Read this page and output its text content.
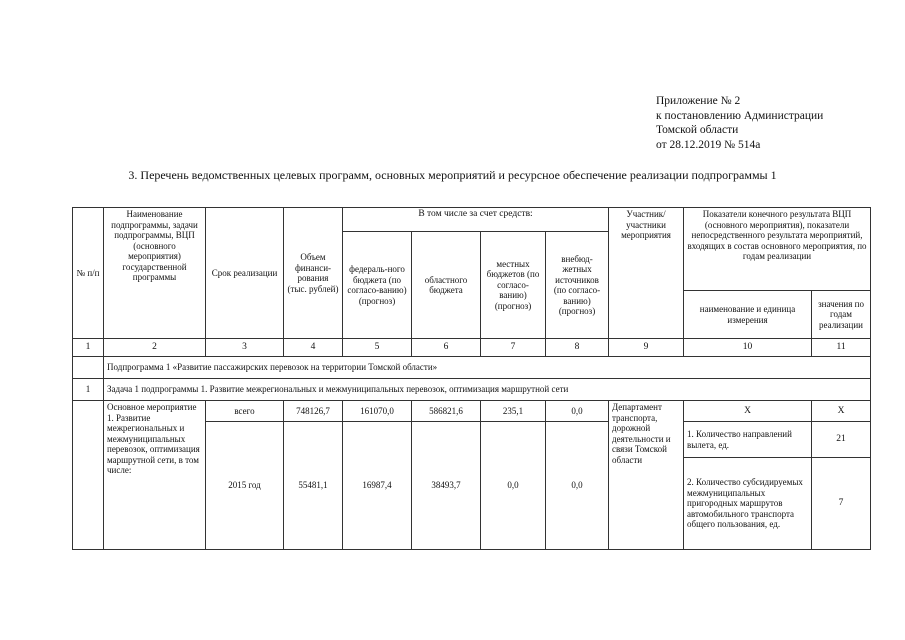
Приложение № 2
к постановлению Администрации
Томской области
от 28.12.2019 № 514а
3. Перечень ведомственных целевых программ, основных мероприятий и ресурсное обеспечение реализации подпрограммы 1
№ п/п	Наименование подпрограммы, задачи подпрограммы, ВЦП (основного мероприятия) государственной программы	Срок реализации	Объем финанси-рования (тыс. рублей)	В том числе за счет средств:				Участник/ участники мероприятия	Показатели конечного результата ВЦП (основного мероприятия), показатели непосредственного результата мероприятий, входящих в состав основного мероприятия, по годам реализации	
				федераль-ного бюджета (по согласо-ванию) (прогноз)	областного бюджета	местных бюджетов (по согласо-ванию) (прогноз)	внебюд-жетных источников (по согласо-ванию) (прогноз)			
									наименование и единица измерения	значения по годам реализации
1	2	3	4	5	6	7	8	9	10	11
	Подпрограмма 1 «Развитие пассажирских перевозок на территории Томской области»									
1	Задача 1 подпрограммы 1. Развитие межрегиональных и межмуниципальных перевозок, оптимизация маршрутной сети									
	Основное мероприятие 1. Развитие межрегиональных и межмуниципальных перевозок, оптимизация маршрутной сети, в том числе:	всего	748126,7	161070,0	586821,6	235,1	0,0	Департамент транспорта, дорожной деятельности и связи Томской области	X	X
		2015 год	55481,1	16987,4	38493,7	0,0	0,0		1. Количество направлений вылета, ед.	21
									2. Количество субсидируемых межмуниципальных пригородных маршрутов автомобильного транспорта общего пользования, ед.	7
